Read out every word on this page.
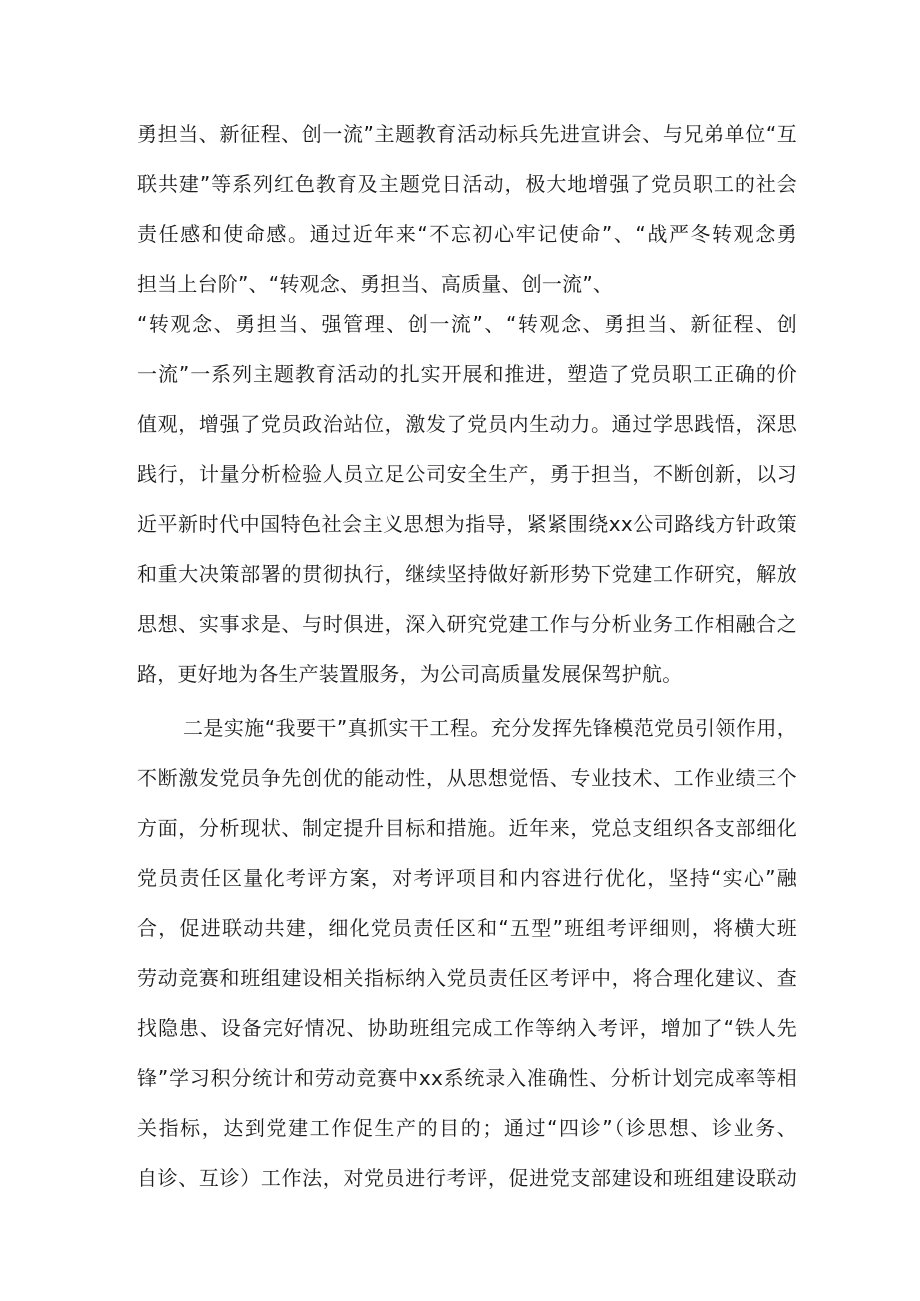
勇担当、新征程、创一流”主题教育活动标兵先进宣讲会、与兄弟单位“互
联共建”等系列红色教育及主题党日活动，极大地增强了党员职工的社会
责任感和使命感。通过近年来“不忘初心牢记使命”、“战严冬转观念勇
担当上台阶”、“转观念、勇担当、高质量、创一流”、
“转观念、勇担当、强管理、创一流”、“转观念、勇担当、新征程、创
一流”一系列主题教育活动的扎实开展和推进，塑造了党员职工正确的价
值观，增强了党员政治站位，激发了党员内生动力。通过学思践悟，深思
践行，计量分析检验人员立足公司安全生产，勇于担当，不断创新，以习
近平新时代中国特色社会主义思想为指导，紧紧围绕xx公司路线方针政策
和重大决策部署的贯彻执行，继续坚持做好新形势下党建工作研究，解放
思想、实事求是、与时俱进，深入研究党建工作与分析业务工作相融合之
路，更好地为各生产装置服务，为公司高质量发展保驾护航。
二是实施“我要干”真抓实干工程。充分发挥先锋模范党员引领作用，
不断激发党员争先创优的能动性，从思想觉悟、专业技术、工作业绩三个
方面，分析现状、制定提升目标和措施。近年来，党总支组织各支部细化
党员责任区量化考评方案，对考评项目和内容进行优化，坚持“实心”融
合，促进联动共建，细化党员责任区和“五型”班组考评细则，将横大班
劳动竞赛和班组建设相关指标纳入党员责任区考评中，将合理化建议、查
找隐患、设备完好情况、协助班组完成工作等纳入考评，增加了“铁人先
锋”学习积分统计和劳动竞赛中xx系统录入准确性、分析计划完成率等相
关指标，达到党建工作促生产的目的；通过“四诊”（诊思想、诊业务、
自诊、互诊）工作法，对党员进行考评，促进党支部建设和班组建设联动
